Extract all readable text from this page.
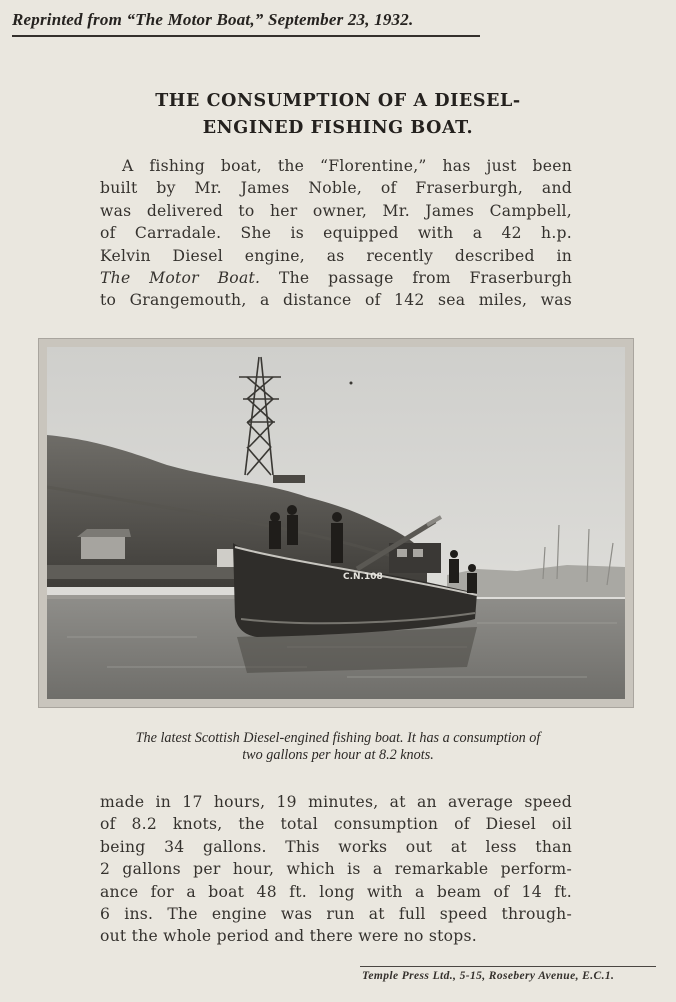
Reprinted from “The Motor Boat,” September 23, 1932.
THE CONSUMPTION OF A DIESEL-
ENGINED FISHING BOAT.
A fishing boat, the “Florentine,” has just been
built by Mr. James Noble, of Fraserburgh, and
was delivered to her owner, Mr. James Campbell,
of Carradale. She is equipped with a 42 h.p.
Kelvin Diesel engine, as recently described in
The Motor Boat. The passage from Fraserburgh
to Grangemouth, a distance of 142 sea miles, was
C.N.108
The latest Scottish Diesel-engined fishing boat. It has a consumption of
two gallons per hour at 8.2 knots.
made in 17 hours, 19 minutes, at an average speed
of 8.2 knots, the total consumption of Diesel oil
being 34 gallons. This works out at less than
2 gallons per hour, which is a remarkable perform-
ance for a boat 48 ft. long with a beam of 14 ft.
6 ins. The engine was run at full speed through-
out the whole period and there were no stops.
Temple Press Ltd., 5-15, Rosebery Avenue, E.C.1.
